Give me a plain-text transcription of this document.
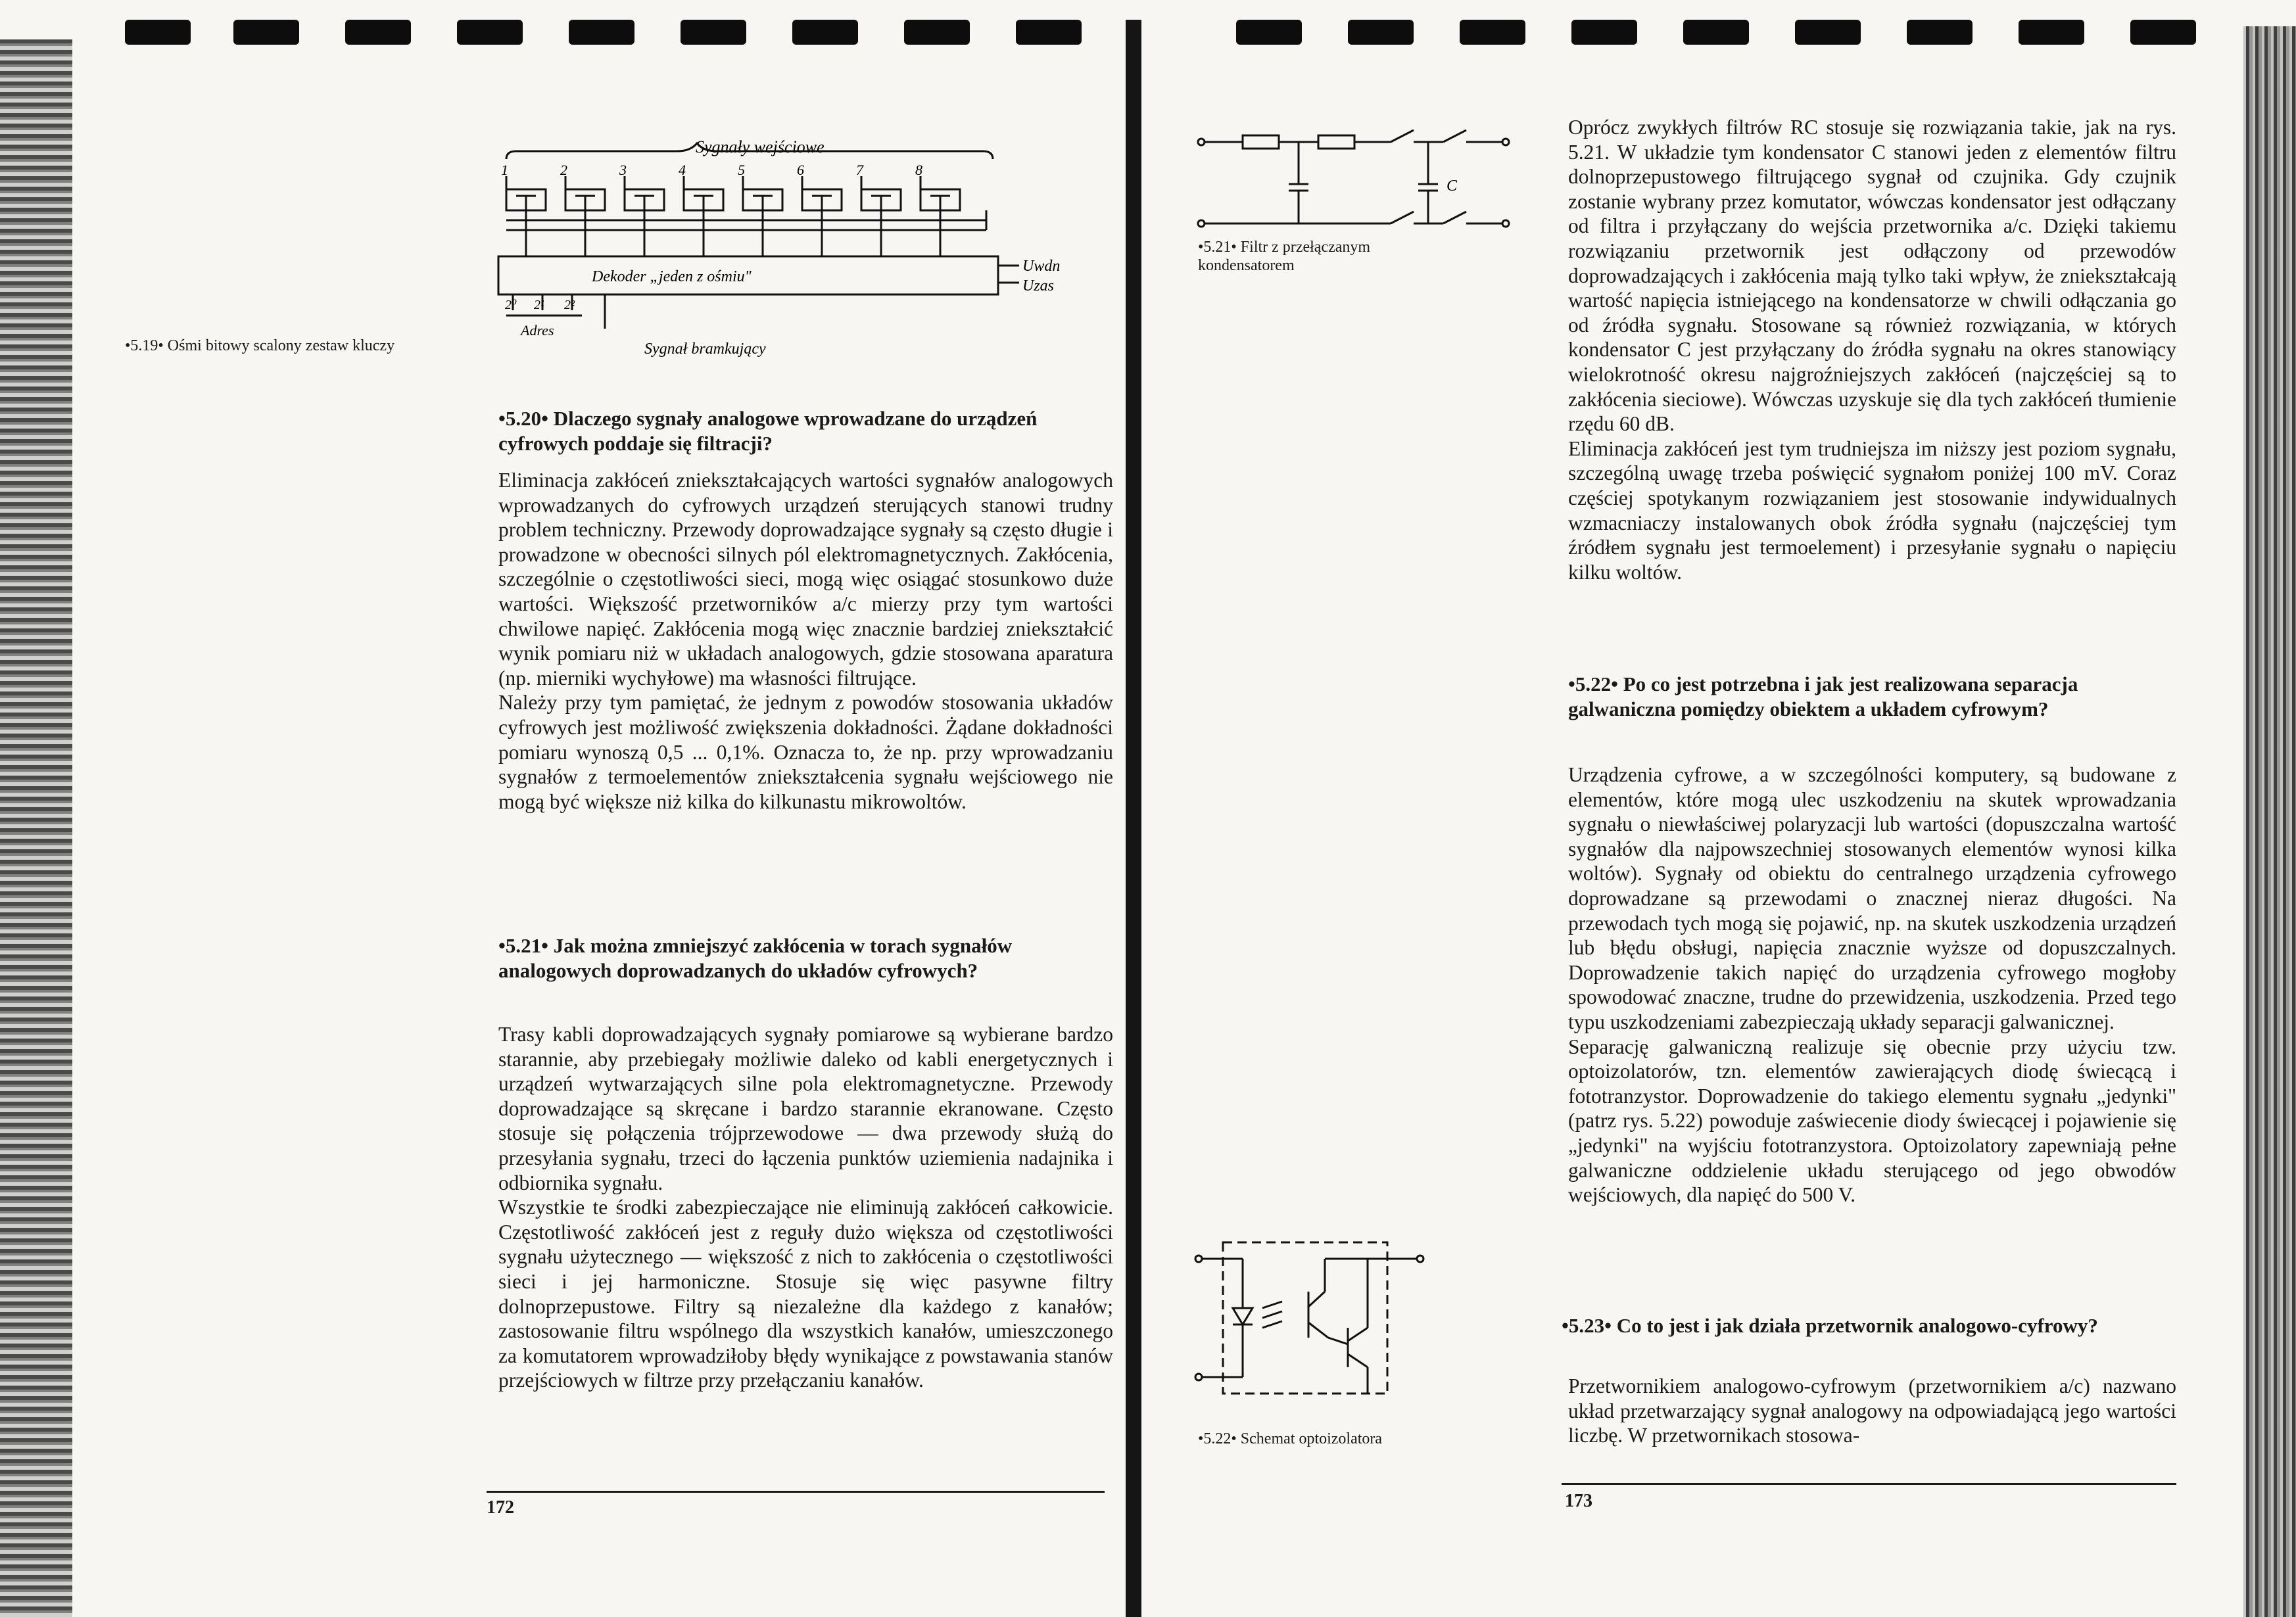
•5.19• Ośmi bitowy scalony zestaw kluczy
Sygnały wejściowe
1	2	3	4	5	6	7	8
Dekoder „jeden z ośmiu"
Uwdn
Uzas
2⁰ 2¹ 2²
Adres
Sygnał bramkujący
•5.20• Dlaczego sygnały analogowe wprowadzane do urządzeń cyfrowych poddaje się filtracji?

Eliminacja zakłóceń zniekształcających wartości sygnałów analogowych wprowadzanych do cyfrowych urządzeń sterujących stanowi trudny problem techniczny. Przewody doprowadzające sygnały są często długie i prowadzone w obecności silnych pól elektromagnetycznych. Zakłócenia, szczególnie o częstotliwości sieci, mogą więc osiągać stosunkowo duże wartości. Większość przetworników a/c mierzy przy tym wartości chwilowe napięć. Zakłócenia mogą więc znacznie bardziej zniekształcić wynik pomiaru niż w układach analogowych, gdzie stosowana aparatura (np. mierniki wychyłowe) ma własności filtrujące.

Należy przy tym pamiętać, że jednym z powodów stosowania układów cyfrowych jest możliwość zwiększenia dokładności. Żądane dokładności pomiaru wynoszą 0,5 ... 0,1%. Oznacza to, że np. przy wprowadzaniu sygnałów z termoelementów zniekształcenia sygnału wejściowego nie mogą być większe niż kilka do kilkunastu mikrowoltów.

•5.21• Jak można zmniejszyć zakłócenia w torach sygnałów analogowych doprowadzanych do układów cyfrowych?

Trasy kabli doprowadzających sygnały pomiarowe są wybierane bardzo starannie, aby przebiegały możliwie daleko od kabli energetycznych i urządzeń wytwarzających silne pola elektromagnetyczne. Przewody doprowadzające są skręcane i bardzo starannie ekranowane. Często stosuje się połączenia trójprzewodowe — dwa przewody służą do przesyłania sygnału, trzeci do łączenia punktów uziemienia nadajnika i odbiornika sygnału.

Wszystkie te środki zabezpieczające nie eliminują zakłóceń całkowicie. Częstotliwość zakłóceń jest z reguły dużo większa od częstotliwości sygnału użytecznego — większość z nich to zakłócenia o częstotliwości sieci i jej harmoniczne. Stosuje się więc pasywne filtry dolnoprzepustowe. Filtry są niezależne dla każdego z kanałów; zastosowanie filtru wspólnego dla wszystkich kanałów, umieszczonego za komutatorem wprowadziłoby błędy wynikające z powstawania stanów przejściowych w filtrze przy przełączaniu kanałów.

172
C
•5.21• Filtr z przełączanym kondensatorem
•5.22• Schemat optoizolatora

Oprócz zwykłych filtrów RC stosuje się rozwiązania takie, jak na rys. 5.21. W układzie tym kondensator C stanowi jeden z elementów filtru dolnoprzepustowego filtrującego sygnał od czujnika. Gdy czujnik zostanie wybrany przez komutator, wówczas kondensator jest odłączany od filtra i przyłączany do wejścia przetwornika a/c. Dzięki takiemu rozwiązaniu przetwornik jest odłączony od przewodów doprowadzających i zakłócenia mają tylko taki wpływ, że zniekształcają wartość napięcia istniejącego na kondensatorze w chwili odłączania go od źródła sygnału. Stosowane są również rozwiązania, w których kondensator C jest przyłączany do źródła sygnału na okres stanowiący wielokrotność okresu najgroźniejszych zakłóceń (najczęściej są to zakłócenia sieciowe). Wówczas uzyskuje się dla tych zakłóceń tłumienie rzędu 60 dB.

Eliminacja zakłóceń jest tym trudniejsza im niższy jest poziom sygnału, szczególną uwagę trzeba poświęcić sygnałom poniżej 100 mV. Coraz częściej spotykanym rozwiązaniem jest stosowanie indywidualnych wzmacniaczy instalowanych obok źródła sygnału (najczęściej tym źródłem sygnału jest termoelement) i przesyłanie sygnału o napięciu kilku woltów.

•5.22• Po co jest potrzebna i jak jest realizowana separacja galwaniczna pomiędzy obiektem a układem cyfrowym?

Urządzenia cyfrowe, a w szczególności komputery, są budowane z elementów, które mogą ulec uszkodzeniu na skutek wprowadzania sygnału o niewłaściwej polaryzacji lub wartości (dopuszczalna wartość sygnałów dla najpowszechniej stosowanych elementów wynosi kilka woltów). Sygnały od obiektu do centralnego urządzenia cyfrowego doprowadzane są przewodami o znacznej nieraz długości. Na przewodach tych mogą się pojawić, np. na skutek uszkodzenia urządzeń lub błędu obsługi, napięcia znacznie wyższe od dopuszczalnych. Doprowadzenie takich napięć do urządzenia cyfrowego mogłoby spowodować znaczne, trudne do przewidzenia, uszkodzenia. Przed tego typu uszkodzeniami zabezpieczają układy separacji galwanicznej.

Separację galwaniczną realizuje się obecnie przy użyciu tzw. optoizolatorów, tzn. elementów zawierających diodę świecącą i fototranzystor. Doprowadzenie do takiego elementu sygnału „jedynki" (patrz rys. 5.22) powoduje zaświecenie diody świecącej i pojawienie się „jedynki" na wyjściu fototranzystora. Optoizolatory zapewniają pełne galwaniczne oddzielenie układu sterującego od jego obwodów wejściowych, dla napięć do 500 V.

•5.23• Co to jest i jak działa przetwornik analogowo-cyfrowy?

Przetwornikiem analogowo-cyfrowym (przetwornikiem a/c) nazwano układ przetwarzający sygnał analogowy na odpowiadającą jego wartości liczbę. W przetwornikach stosowa-

173
